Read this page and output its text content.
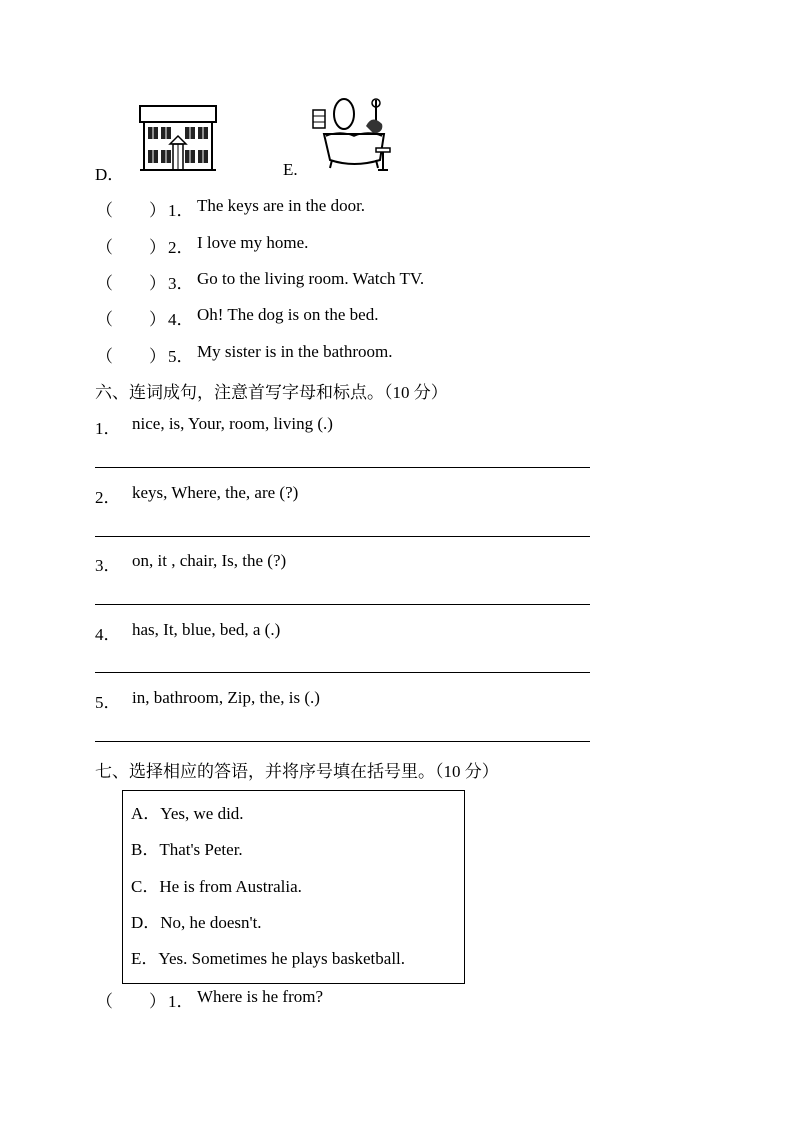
D．	E.
（ ） 1． The keys are in the door.
（ ） 2． I love my home.
（ ） 3． Go to the living room. Watch TV.
（ ） 4． Oh! The dog is on the bed.
（ ） 5． My sister is in the bathroom.
六、连词成句，注意首写字母和标点。（10 分）
1． nice, is, Your, room, living (.)
2． keys, Where, the, are (?)
3． on, it , chair, Is, the (?)
4． has, It, blue, bed, a (.)
5． in, bathroom, Zip, the, is (.)
七、选择相应的答语，并将序号填在括号里。（10 分）
A．Yes, we did.
B．That's Peter.
C．He is from Australia.
D．No, he doesn't.
E．Yes. Sometimes he plays basketball.
（ ） 1． Where is he from?
